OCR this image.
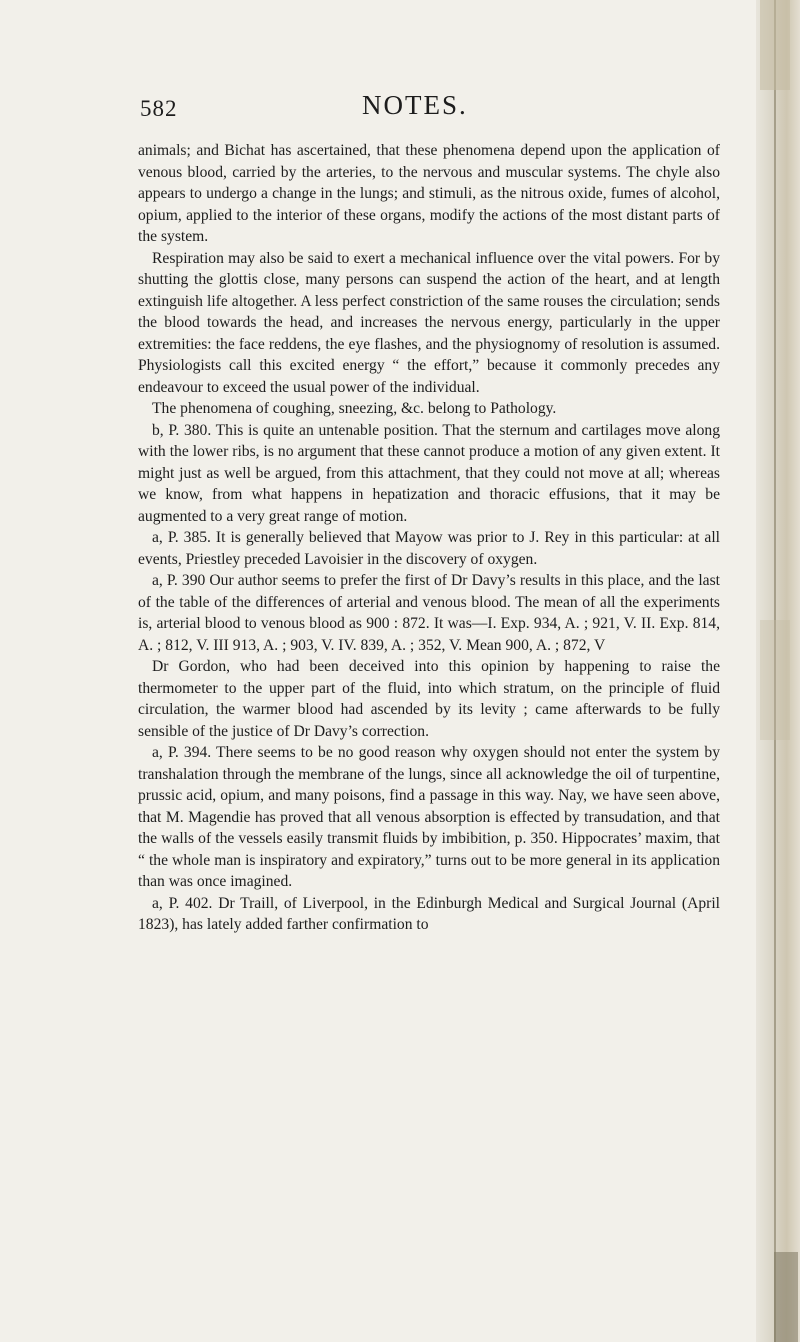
582	NOTES.

animals; and Bichat has ascertained, that these phenomena depend upon the application of venous blood, carried by the arteries, to the nervous and muscular systems. The chyle also appears to undergo a change in the lungs; and stimuli, as the nitrous oxide, fumes of alcohol, opium, applied to the interior of these organs, modify the actions of the most distant parts of the system.

Respiration may also be said to exert a mechanical influence over the vital powers. For by shutting the glottis close, many persons can suspend the action of the heart, and at length extinguish life altogether. A less perfect constriction of the same rouses the circulation; sends the blood towards the head, and increases the nervous energy, particularly in the upper extremities: the face reddens, the eye flashes, and the physiognomy of resolution is assumed. Physiologists call this excited energy “ the effort,” because it commonly precedes any endeavour to exceed the usual power of the individual.

The phenomena of coughing, sneezing, &c. belong to Pathology.

b, P. 380. This is quite an untenable position. That the sternum and cartilages move along with the lower ribs, is no argument that these cannot produce a motion of any given extent. It might just as well be argued, from this attachment, that they could not move at all; whereas we know, from what happens in hepatization and thoracic effusions, that it may be augmented to a very great range of motion.

a, P. 385. It is generally believed that Mayow was prior to J. Rey in this particular: at all events, Priestley preceded Lavoisier in the discovery of oxygen.

a, P. 390 Our author seems to prefer the first of Dr Davy’s results in this place, and the last of the table of the differences of arterial and venous blood. The mean of all the experiments is, arterial blood to venous blood as 900 : 872. It was—I. Exp. 934, A. ; 921, V. II. Exp. 814, A. ; 812, V. III 913, A. ; 903, V. IV. 839, A. ; 352, V. Mean 900, A. ; 872, V

Dr Gordon, who had been deceived into this opinion by happening to raise the thermometer to the upper part of the fluid, into which stratum, on the principle of fluid circulation, the warmer blood had ascended by its levity ; came afterwards to be fully sensible of the justice of Dr Davy’s correction.

a, P. 394. There seems to be no good reason why oxygen should not enter the system by transhalation through the membrane of the lungs, since all acknowledge the oil of turpentine, prussic acid, opium, and many poisons, find a passage in this way. Nay, we have seen above, that M. Magendie has proved that all venous absorption is effected by transudation, and that the walls of the vessels easily transmit fluids by imbibition, p. 350. Hippocrates’ maxim, that “ the whole man is inspiratory and expiratory,” turns out to be more general in its application than was once imagined.

a, P. 402. Dr Traill, of Liverpool, in the Edinburgh Medical and Surgical Journal (April 1823), has lately added farther confirmation to
